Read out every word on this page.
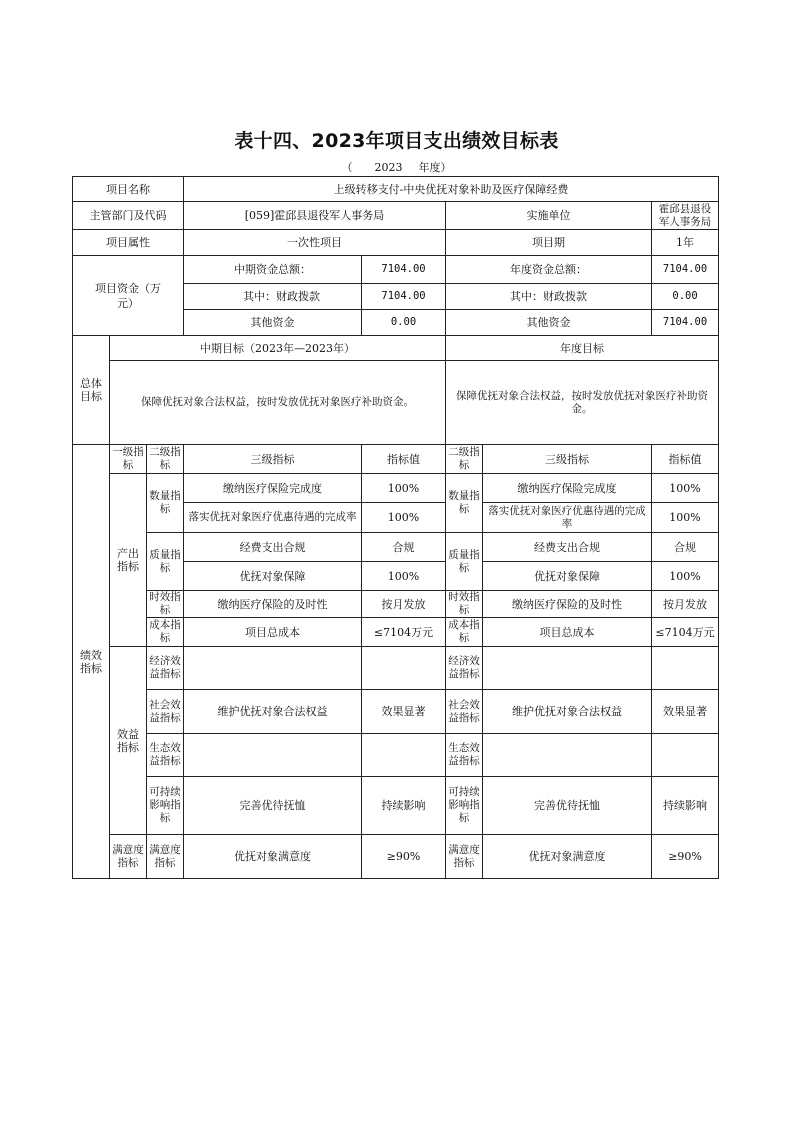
表十四、2023年项目支出绩效目标表
（ 2023 年度）
项目名称			上级转移支付-中央优抚对象补助及医疗保障经费				
主管部门及代码			[059]霍邱县退役军人事务局		实施单位		霍邱县退役军人事务局
项目属性			一次性项目		项目期		1年
项目资金（万元）			中期资金总额：	7104.00	年度资金总额：		7104.00
			其中：财政拨款	7104.00	其中：财政拨款		0.00
			其他资金	0.00	其他资金		7104.00
总体目标	中期目标（2023年—2023年）				年度目标		
	保障优抚对象合法权益，按时发放优抚对象医疗补助资金。				保障优抚对象合法权益，按时发放优抚对象医疗补助资金。		
绩效指标	一级指标	二级指标	三级指标	指标值	二级指标	三级指标	指标值
	产出指标	数量指标	缴纳医疗保险完成度	100%	数量指标	缴纳医疗保险完成度	100%
			落实优抚对象医疗优惠待遇的完成率	100%		落实优抚对象医疗优惠待遇的完成率	100%
		质量指标	经费支出合规	合规	质量指标	经费支出合规	合规
			优抚对象保障	100%		优抚对象保障	100%
		时效指标	缴纳医疗保险的及时性	按月发放	时效指标	缴纳医疗保险的及时性	按月发放
		成本指标	项目总成本	≤7104万元	成本指标	项目总成本	≤7104万元
	效益指标	经济效益指标			经济效益指标		
		社会效益指标	维护优抚对象合法权益	效果显著	社会效益指标	维护优抚对象合法权益	效果显著
		生态效益指标			生态效益指标		
		可持续影响指标	完善优待抚恤	持续影响	可持续影响指标	完善优待抚恤	持续影响
	满意度指标	满意度指标	优抚对象满意度	≥90%	满意度指标	优抚对象满意度	≥90%
